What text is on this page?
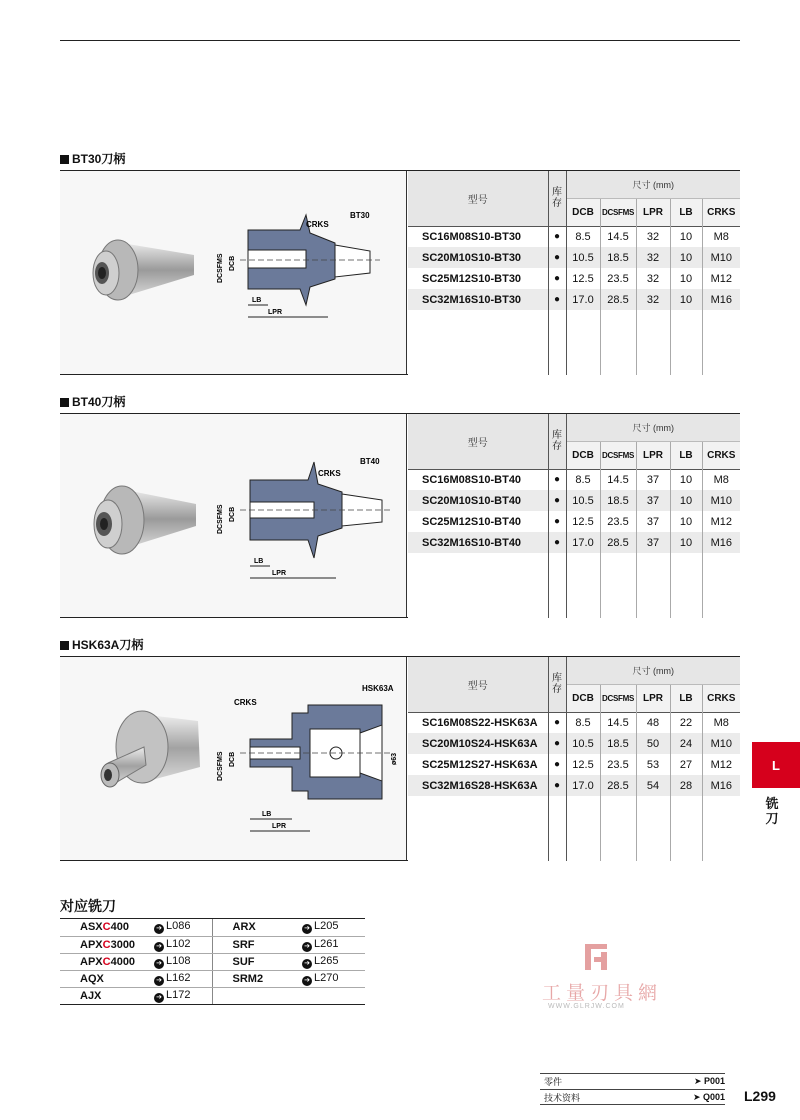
BT30刀柄
CRKS
BT30
DCSFMS DCB
LB
LPR
型号	库存	尺寸 (mm)				
		DCB	DCSFMS	LPR	LB	CRKS
SC16M08S10-BT30	●	8.5	14.5	32	10	M8
SC20M10S10-BT30	●	10.5	18.5	32	10	M10
SC25M12S10-BT30	●	12.5	23.5	32	10	M12
SC32M16S10-BT30	●	17.0	28.5	32	10	M16

BT40刀柄
CRKS
BT40
DCSFMS DCB
LB
LPR
型号	库存	尺寸 (mm)				
		DCB	DCSFMS	LPR	LB	CRKS
SC16M08S10-BT40	●	8.5	14.5	37	10	M8
SC20M10S10-BT40	●	10.5	18.5	37	10	M10
SC25M12S10-BT40	●	12.5	23.5	37	10	M12
SC32M16S10-BT40	●	17.0	28.5	37	10	M16

HSK63A刀柄
CRKS
HSK63A
ø63
DCSFMS DCB
LB
LPR
型号	库存	尺寸 (mm)				
		DCB	DCSFMS	LPR	LB	CRKS
SC16M08S22-HSK63A	●	8.5	14.5	48	22	M8
SC20M10S24-HSK63A	●	10.5	18.5	50	24	M10
SC25M12S27-HSK63A	●	12.5	23.5	53	27	M12
SC32M16S28-HSK63A	●	17.0	28.5	54	28	M16

L
铣
刀
对应铣刀
ASXC400	➔ L086	ARX	➔ L205
APXC3000	➔ L102	SRF	➔ L261
APXC4000	➔ L108	SUF	➔ L265
AQX	➔ L162	SRM2	➔ L270
AJX	➔ L172			工量刃具網
WWW.GLRJW.COM
零件	➤ P001
技术资料	➤ Q001 L299
